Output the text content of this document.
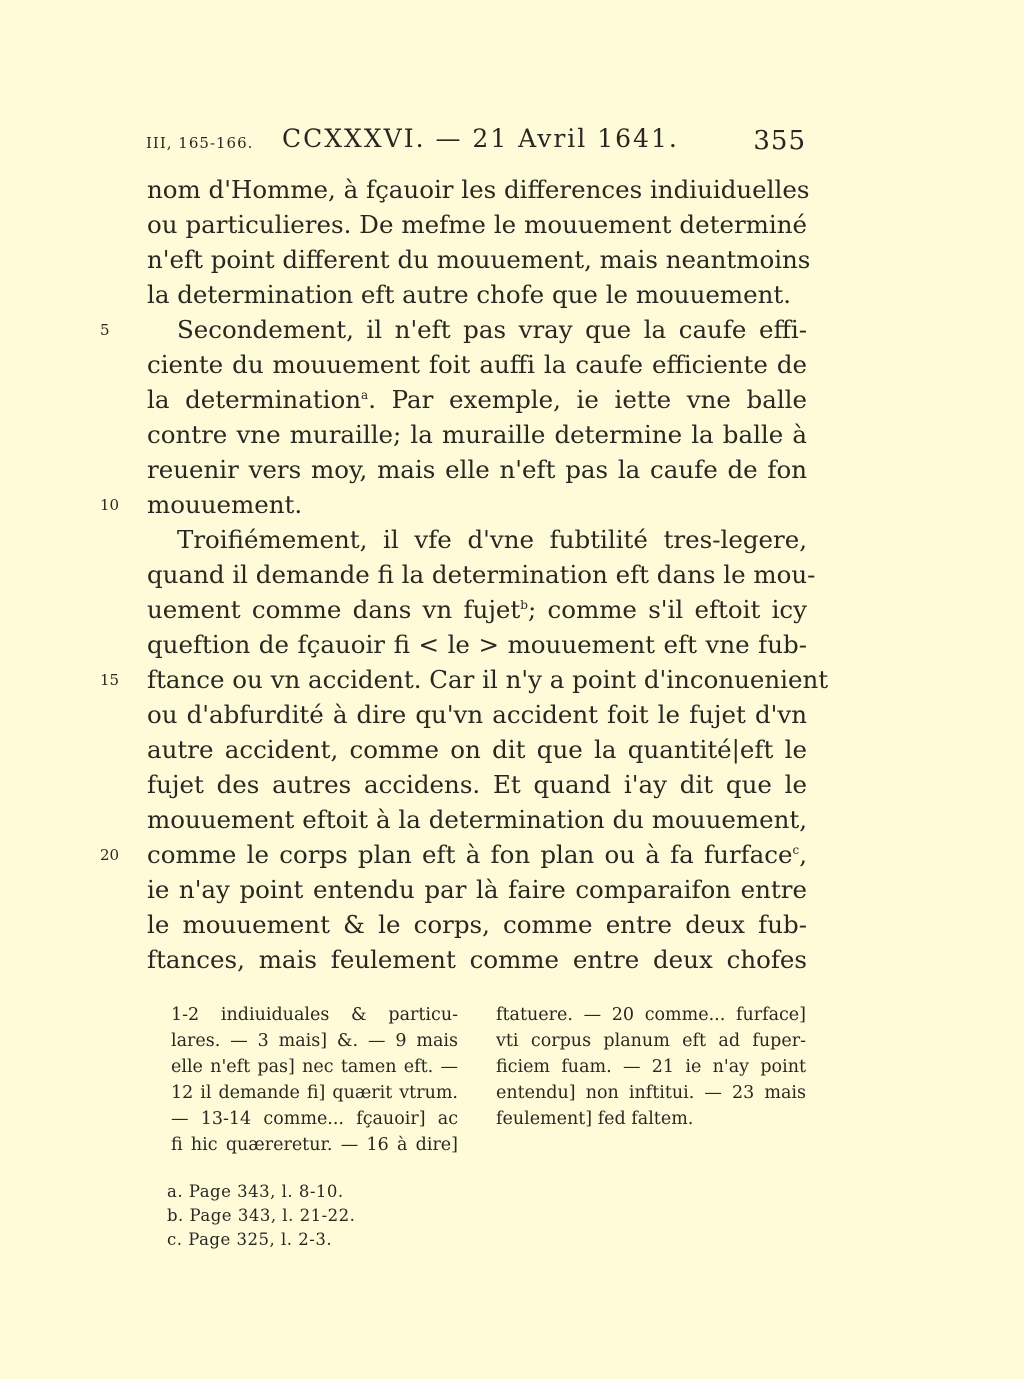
III, 165-166. CCXXXVI. — 21 Avril 1641.	355
nom d'Homme, à fçauoir les differences indiuiduelles
ou particulieres. De mefme le mouuement determiné
n'eft point different du mouuement, mais neantmoins
la determination eft autre chofe que le mouuement.
Secondement, il n'eft pas vray que la caufe effi-
5
ciente du mouuement foit auffi la caufe efficiente de
la determination$^a$. Par exemple, ie iette vne balle
contre vne muraille; la muraille determine la balle à
reuenir vers moy, mais elle n'eft pas la caufe de fon
mouuement.
10
Troifiémement, il vfe d'vne fubtilité tres-legere,
quand il demande fi la determination eft dans le mou-
uement comme dans vn fujet$^b$; comme s'il eftoit icy
queftion de fçauoir fi < le > mouuement eft vne fub-
ftance ou vn accident. Car il n'y a point d'inconuenient
15
ou d'abfurdité à dire qu'vn accident foit le fujet d'vn
autre accident, comme on dit que la quantité|eft le
fujet des autres accidens. Et quand i'ay dit que le
mouuement eftoit à la determination du mouuement,
comme le corps plan eft à fon plan ou à fa furface$^c$,
20
ie n'ay point entendu par là faire comparaifon entre
le mouuement & le corps, comme entre deux fub-
ftances, mais feulement comme entre deux chofes
1-2 indiuiduales & particu-
lares. — 3 mais] &. — 9 mais
elle n'eft pas] nec tamen eft. —
12 il demande fi] quærit vtrum.
— 13-14 comme... fçauoir] ac
fi hic quæreretur. — 16 à dire]
ftatuere. — 20 comme... furface]
vti corpus planum eft ad fuper-
ficiem fuam. — 21 ie n'ay point
entendu] non inftitui. — 23 mais
feulement] fed faltem.
a. Page 343, l. 8-10.
b. Page 343, l. 21-22.
c. Page 325, l. 2-3.
